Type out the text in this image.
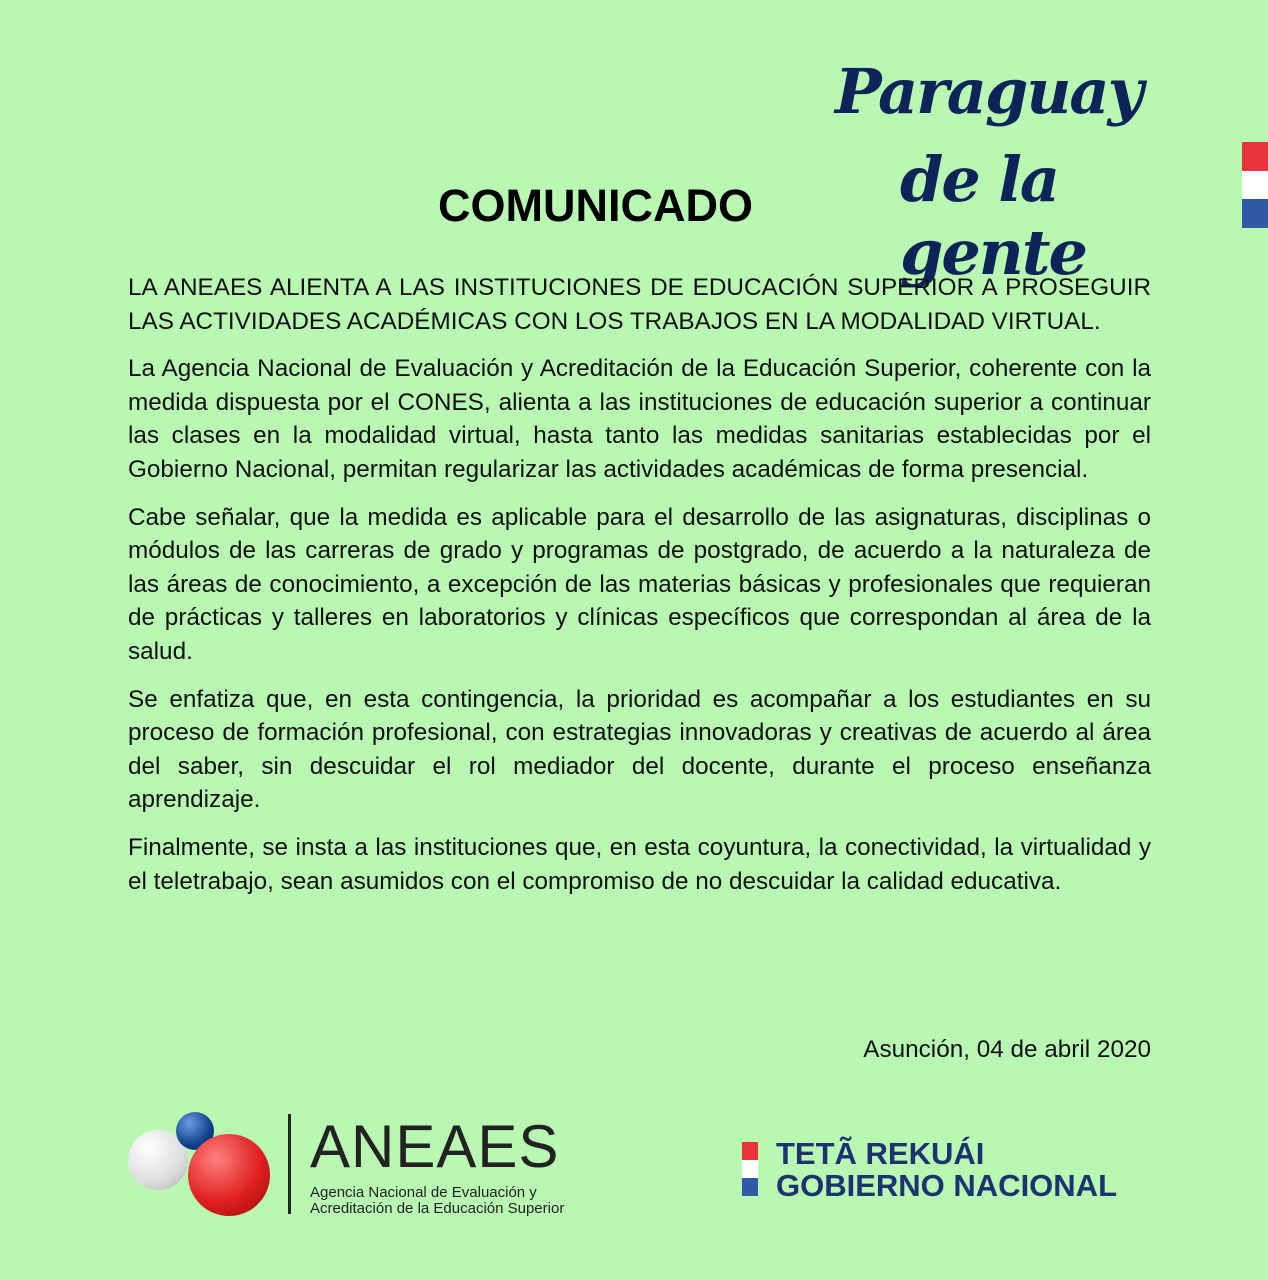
Paraguay
de la gente
COMUNICADO

LA ANEAES ALIENTA A LAS INSTITUCIONES DE EDUCACIÓN SUPERIOR A PROSEGUIR LAS ACTIVIDADES ACADÉMICAS CON LOS TRABAJOS EN LA MODALIDAD VIRTUAL.

La Agencia Nacional de Evaluación y Acreditación de la Educación Superior, coherente con la medida dispuesta por el CONES, alienta a las instituciones de educación superior a continuar las clases en la modalidad virtual, hasta tanto las medidas sanitarias establecidas por el Gobierno Nacional, permitan regularizar las actividades académicas de forma presencial.

Cabe señalar, que la medida es aplicable para el desarrollo de las asignaturas, disciplinas o módulos de las carreras de grado y programas de postgrado, de acuerdo a la naturaleza de las áreas de conocimiento, a excepción de las materias básicas y profesionales que requieran de prácticas y talleres en laboratorios y clínicas específicos que correspondan al área de la salud.

Se enfatiza que, en esta contingencia, la prioridad es acompañar a los estudiantes en su proceso de formación profesional, con estrategias innovadoras y creativas de acuerdo al área del saber, sin descuidar el rol mediador del docente, durante el proceso enseñanza aprendizaje.

Finalmente, se insta a las instituciones que, en esta coyuntura, la conectividad, la virtualidad y el teletrabajo, sean asumidos con el compromiso de no descuidar la calidad educativa.

Asunción, 04 de abril 2020
ANEAES
Agencia Nacional de Evaluación y
Acreditación de la Educación Superior
TETÃ REKUÁI
GOBIERNO NACIONAL
